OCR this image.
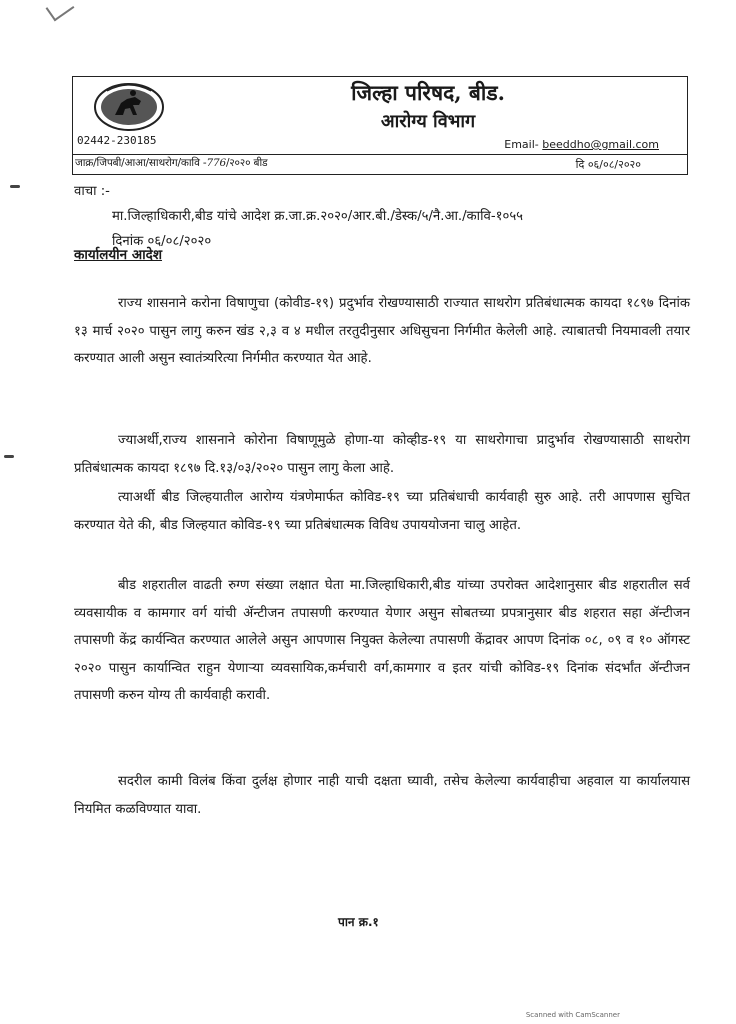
02442-230185
जिल्हा परिषद, बीड.
आरोग्य विभाग
Email- beeddho@gmail.com
जाक्र/जिपबी/आआ/साथरोग/कावि -776/२०२० बीड	दि ०६/०८/२०२०
वाचा :-
मा.जिल्हाधिकारी,बीड यांचे आदेश क्र.जा.क्र.२०२०/आर.बी./डेस्क/५/नै.आ./कावि-१०५५
दिनांक ०६/०८/२०२०
कार्यालयीन आदेश
राज्य शासनाने करोना विषाणुचा (कोवीड-१९) प्रदुर्भाव रोखण्यासाठी राज्यात साथरोग प्रतिबंधात्मक कायदा १८९७ दिनांक १३ मार्च २०२० पासुन लागु करुन खंड २,३ व ४ मधील तरतुदीनुसार अधिसुचना निर्गमीत केलेली आहे. त्याबातची नियमावली तयार करण्यात आली असुन स्वातंत्र्यरित्या निर्गमीत करण्यात येत आहे.
ज्याअर्थी,राज्य शासनाने कोरोना विषाणूमुळे होणा-या कोव्हीड-१९ या साथरोगाचा प्रादुर्भाव रोखण्यासाठी साथरोग प्रतिबंधात्मक कायदा १८९७ दि.१३/०३/२०२० पासुन लागु केला आहे.
त्याअर्थी बीड जिल्हयातील आरोग्य यंत्रणेमार्फत कोविड-१९ च्या प्रतिबंधाची कार्यवाही सुरु आहे. तरी आपणास सुचित करण्यात येते की, बीड जिल्हयात कोविड-१९ च्या प्रतिबंधात्मक विविध उपाययोजना चालु आहेत.
बीड शहरातील वाढती रुग्ण संख्या लक्षात घेता मा.जिल्हाधिकारी,बीड यांच्या उपरोक्त आदेशानुसार बीड शहरातील सर्व व्यवसायीक व कामगार वर्ग यांची ॲन्टीजन तपासणी करण्यात येणार असुन सोबतच्या प्रपत्रानुसार बीड शहरात सहा ॲन्टीजन तपासणी केंद्र कार्यन्वित करण्यात आलेले असुन आपणास नियुक्त केलेल्या तपासणी केंद्रावर आपण दिनांक ०८, ०९ व १० ऑगस्ट २०२० पासुन कार्यान्वित राहुन येणाऱ्या व्यवसायिक,कर्मचारी वर्ग,कामगार व इतर यांची कोविड-१९ दिनांक संदर्भांत ॲन्टीजन तपासणी करुन योग्य ती कार्यवाही करावी.
सदरील कामी विलंब किंवा दुर्लक्ष होणार नाही याची दक्षता घ्यावी, तसेच केलेल्या कार्यवाहीचा अहवाल या कार्यालयास नियमित कळविण्यात यावा.
पान क्र.१
Scanned with CamScanner
